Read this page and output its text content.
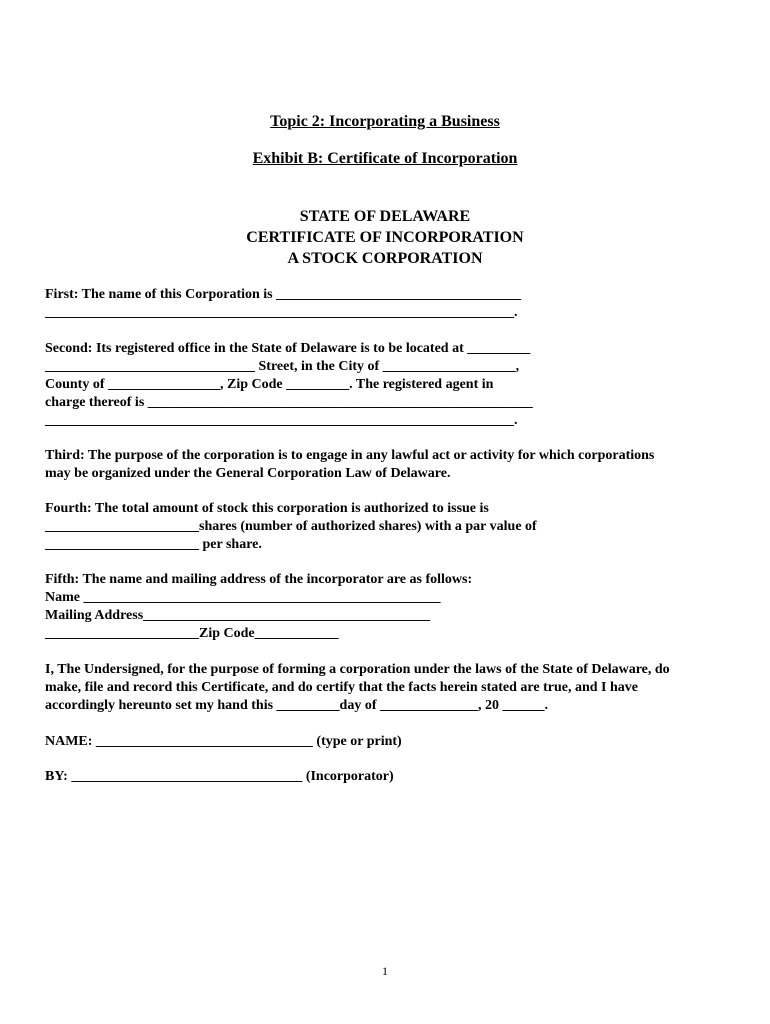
Topic 2: Incorporating a Business
Exhibit B: Certificate of Incorporation
STATE OF DELAWARE
CERTIFICATE OF INCORPORATION
A STOCK CORPORATION
First: The name of this Corporation is ___________________________________
___________________________________________________________________.
Second: Its registered office in the State of Delaware is to be located at _________
______________________________ Street, in the City of ___________________,
County of ________________, Zip Code _________. The registered agent in
charge thereof is _______________________________________________________
___________________________________________________________________.
Third: The purpose of the corporation is to engage in any lawful act or activity for which corporations
may be organized under the General Corporation Law of Delaware.
Fourth: The total amount of stock this corporation is authorized to issue is
______________________shares (number of authorized shares) with a par value of
______________________ per share.
Fifth: The name and mailing address of the incorporator are as follows:
Name ___________________________________________________
Mailing Address_________________________________________
______________________Zip Code____________
I, The Undersigned, for the purpose of forming a corporation under the laws of the State of Delaware, do
make, file and record this Certificate, and do certify that the facts herein stated are true, and I have
accordingly hereunto set my hand this _________day of ______________, 20 ______.
NAME: _______________________________ (type or print)
BY: _________________________________ (Incorporator)
1
